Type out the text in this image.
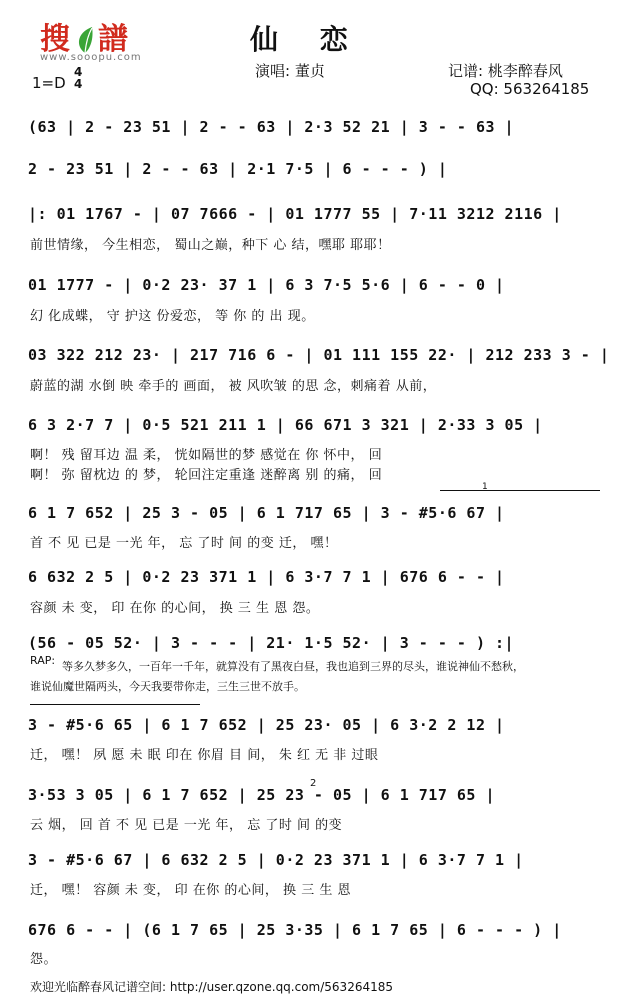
搜 譜
www.sooopu.com
仙 恋
演唱: 董贞	记谱: 桃李醉春风
QQ: 563264185
1=D
4
4
(63 | 2 - 23 51 | 2 - - 63 | 2·3 52 21 | 3 - - 63 |
2 - 23 51 | 2 - - 63 | 2·1 7·5 | 6 - - - ) |
|: 01 1767 - | 07 7666 - | 01 1777 55 | 7·11 3212 2116 |
前世情缘， 今生相恋， 蜀山之巅，种下 心 结，嘿耶 耶耶！
01 1777 - | 0·2 23· 37 1 | 6 3 7·5 5·6 | 6 - - 0 |
幻 化成蝶， 守 护这 份爱恋， 等 你 的 出 现。
03 322 212 23· | 217 716 6 - | 01 111 155 22· | 212 233 3 - |
蔚蓝的湖 水倒 映 牵手的 画面， 被 风吹皱 的思 念，刺痛着 从前，
6 3 2·7 7 | 0·5 521 211 1 | 66 671 3 321 | 2·33 3 05 |
啊！ 残 留耳边 温 柔， 恍如隔世的梦 感觉在 你 怀中， 回
啊！ 弥 留枕边 的 梦， 轮回注定重逢 迷醉离 别 的痛， 回
1
6 1 7 652 | 25 3 - 05 | 6 1 717 65 | 3 - #5·6 67 |
首 不 见 已是 一光 年， 忘 了时 间 的变 迁， 嘿！
6 632 2 5 | 0·2 23 371 1 | 6 3·7 7 1 | 676 6 - - |
容颜 未 变， 印 在你 的心间， 换 三 生 恩 怨。
(56 - 05 52· | 3 - - - | 21· 1·5 52· | 3 - - - ) :|
RAP: 等多久梦多久，一百年一千年，就算没有了黑夜白昼，我也追到三界的尽头，谁说神仙不愁秋，
谁说仙魔世隔两头，今天我要带你走，三生三世不放手。
3 - #5·6 65 | 6 1 7 652 | 25 23· 05 | 6 3·2 2 12 |
迁， 嘿！ 夙 愿 未 眠 印在 你眉 目 间， 朱 红 无 非 过眼
2
3·53 3 05 | 6 1 7 652 | 25 23 - 05 | 6 1 717 65 |
云 烟， 回 首 不 见 已是 一光 年， 忘 了时 间 的变
3 - #5·6 67 | 6 632 2 5 | 0·2 23 371 1 | 6 3·7 7 1 |
迁， 嘿！ 容颜 未 变， 印 在你 的心间， 换 三 生 恩
676 6 - - | (6 1 7 65 | 25 3·35 | 6 1 7 65 | 6 - - - ) |
怨。
欢迎光临醉春风记谱空间: http://user.qzone.qq.com/563264185
